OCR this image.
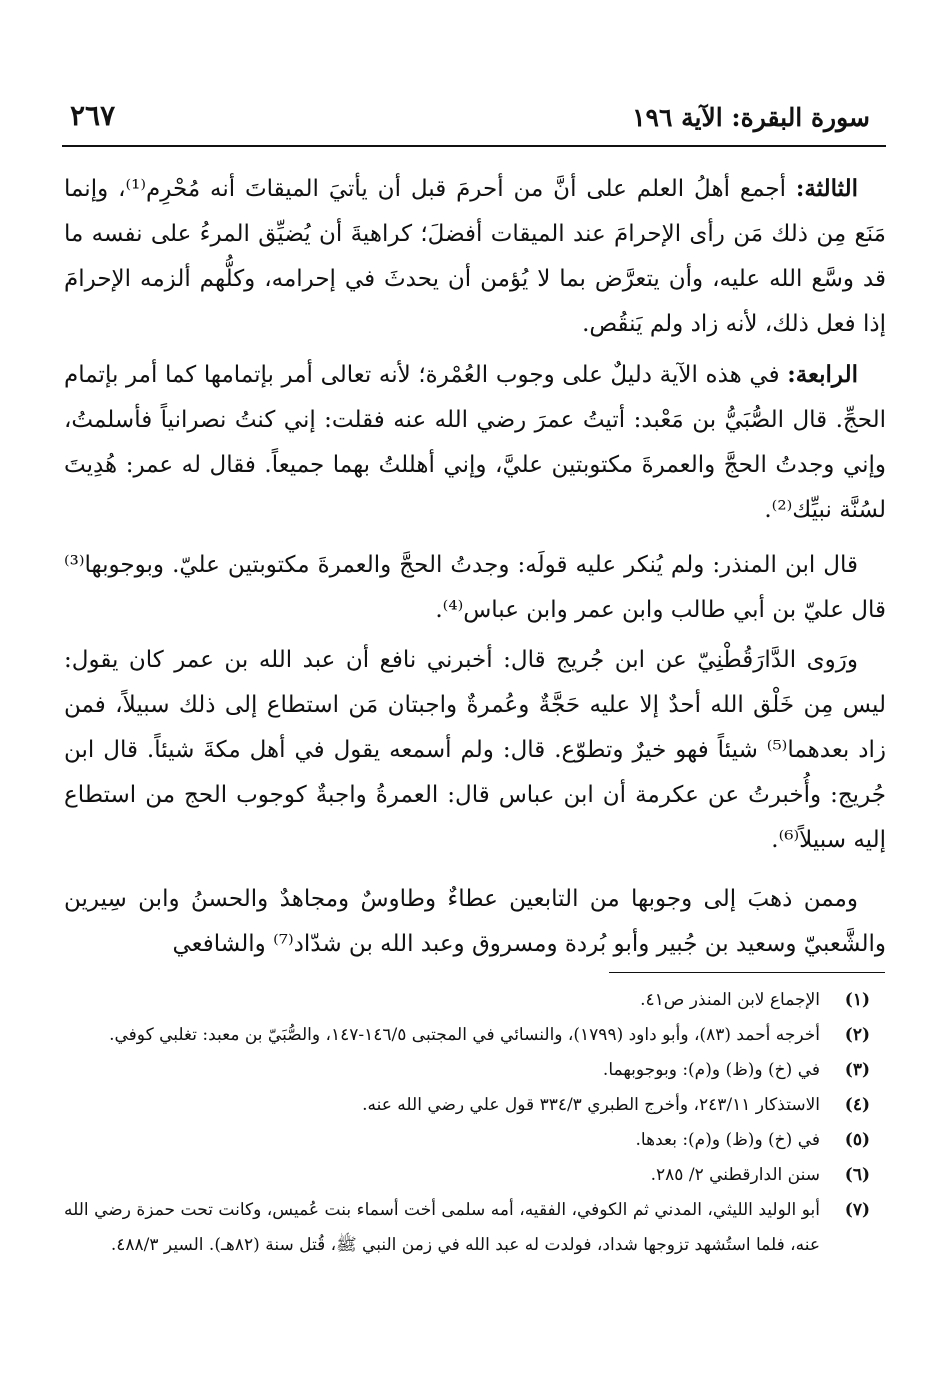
سورة البقرة: الآية ١٩٦
٢٦٧

الثالثة: أجمع أهلُ العلم على أنَّ من أحرمَ قبل أن يأتيَ الميقاتَ أنه مُحْرِم⁽¹⁾، وإنما مَنَع مِن ذلك مَن رأى الإحرامَ عند الميقات أفضلَ؛ كراهيةَ أن يُضيِّق المرءُ على نفسه ما قد وسَّع الله عليه، وأن يتعرَّض بما لا يُؤمن أن يحدثَ في إحرامه، وكلُّهم ألزمه الإحرامَ إذا فعل ذلك، لأنه زاد ولم يَنقُص.

الرابعة: في هذه الآية دليلٌ على وجوب العُمْرة؛ لأنه تعالى أمر بإتمامها كما أمر بإتمام الحجِّ. قال الصُّبَيُّ بن مَعْبد: أتيتُ عمرَ رضي الله عنه فقلت: إني كنتُ نصرانياً فأسلمتُ، وإني وجدتُ الحجَّ والعمرةَ مكتوبتين عليَّ، وإني أهللتُ بهما جميعاً. فقال له عمر: هُدِيتَ لسُنَّة نبيِّك⁽²⁾.

قال ابن المنذر: ولم يُنكر عليه قولَه: وجدتُ الحجَّ والعمرةَ مكتوبتين عليّ. وبوجوبها⁽³⁾ قال عليّ بن أبي طالب وابن عمر وابن عباس⁽⁴⁾.

ورَوى الدَّارَقُطْنِيّ عن ابن جُريج قال: أخبرني نافع أن عبد الله بن عمر كان يقول: ليس مِن خَلْق الله أحدٌ إلا عليه حَجَّةٌ وعُمرةٌ واجبتان مَن استطاع إلى ذلك سبيلاً، فمن زاد بعدهما⁽⁵⁾ شيئاً فهو خيرٌ وتطوّع. قال: ولم أسمعه يقول في أهل مكةَ شيئاً. قال ابن جُريج: وأُخبرتُ عن عكرمة أن ابن عباس قال: العمرةُ واجبةٌ كوجوب الحج من استطاع إليه سبيلاً⁽⁶⁾.

وممن ذهبَ إلى وجوبها من التابعين عطاءٌ وطاوسٌ ومجاهدٌ والحسنُ وابن سِيرين والشَّعبيّ وسعيد بن جُبير وأبو بُردة ومسروق وعبد الله بن شدّاد⁽⁷⁾ والشافعي

(١)
الإجماع لابن المنذر ص٤١.
(٢)
أخرجه أحمد (٨٣)، وأبو داود (١٧٩٩)، والنسائي في المجتبى ١٤٦/٥-١٤٧، والصُّبَيّ بن معبد: تغلبي كوفي.
(٣)
في (خ) و(ظ) و(م): وبوجوبهما.
(٤)
الاستذكار ٢٤٣/١١، وأخرج الطبري ٣٣٤/٣ قول علي رضي الله عنه.
(٥)
في (خ) و(ظ) و(م): بعدها.
(٦)
سنن الدارقطني ٢/ ٢٨٥.
(٧)
أبو الوليد الليثي، المدني ثم الكوفي، الفقيه، أمه سلمى أخت أسماء بنت عُميس، وكانت تحت حمزة رضي الله عنه، فلما استُشهد تزوجها شداد، فولدت له عبد الله في زمن النبي ﷺ، قُتل سنة (٨٢هـ). السير ٤٨٨/٣.
